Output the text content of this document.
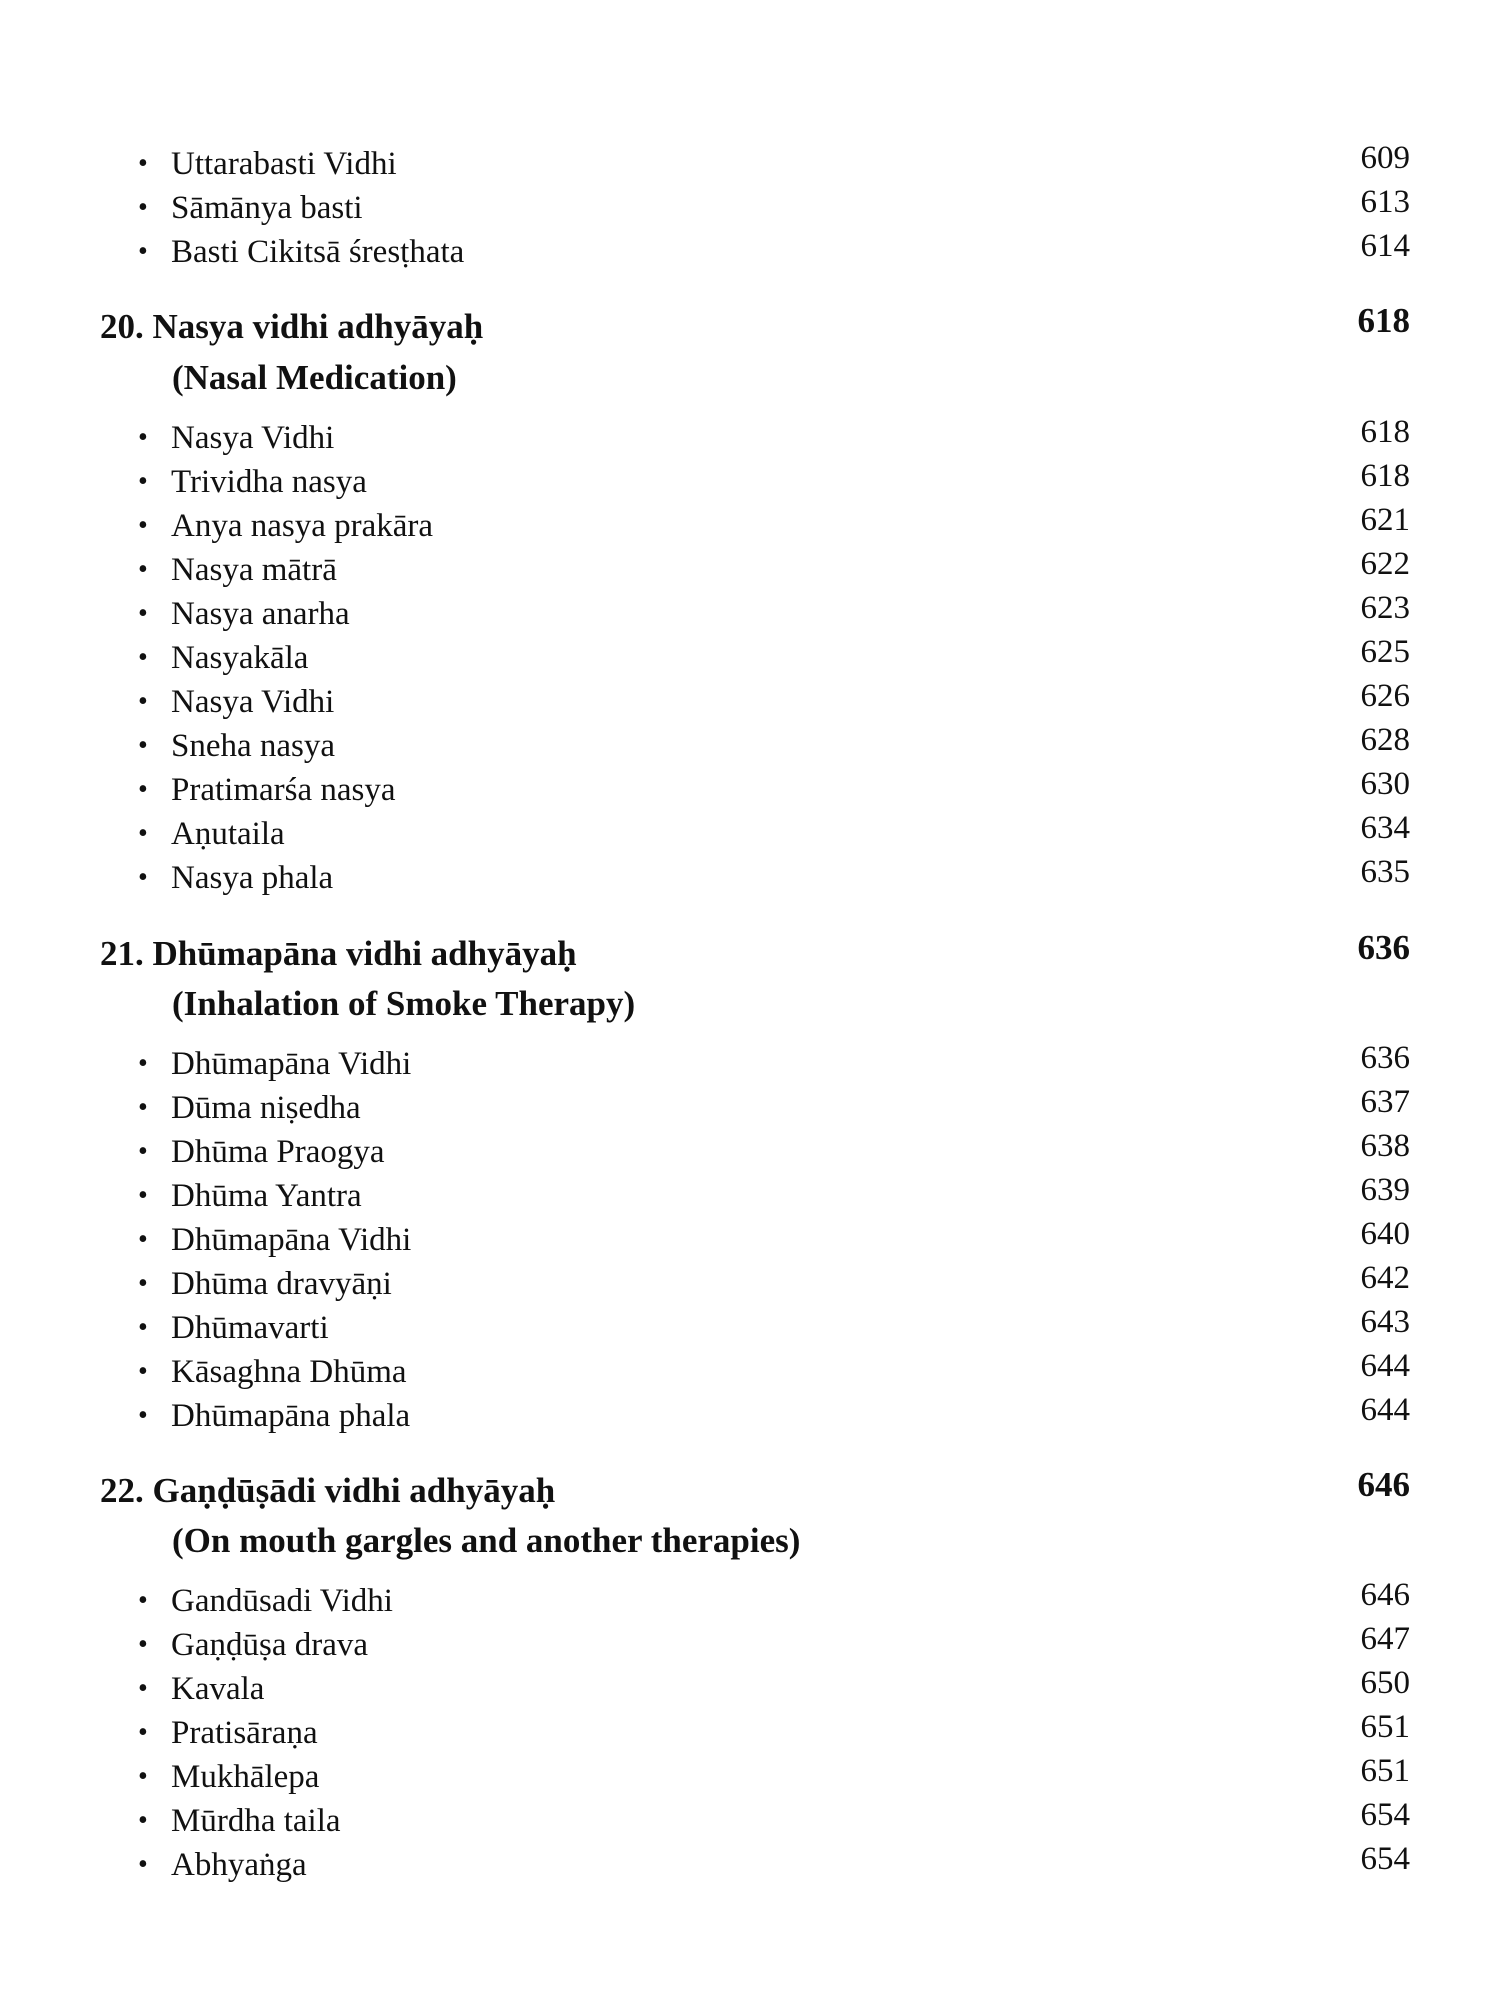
• Uttarabasti Vidhi	609
• Sāmānya basti	613
• Basti Cikitsā śresṭhata	614
20. Nasya vidhi adhyāyaḥ	618
(Nasal Medication)
• Nasya Vidhi	618
• Trividha nasya	618
• Anya nasya prakāra	621
• Nasya mātrā	622
• Nasya anarha	623
• Nasyakāla	625
• Nasya Vidhi	626
• Sneha nasya	628
• Pratimarśa nasya	630
• Aṇutaila	634
• Nasya phala	635
21. Dhūmapāna vidhi adhyāyaḥ	636
(Inhalation of Smoke Therapy)
• Dhūmapāna Vidhi	636
• Dūma niṣedha	637
• Dhūma Praogya	638
• Dhūma Yantra	639
• Dhūmapāna Vidhi	640
• Dhūma dravyāṇi	642
• Dhūmavarti	643
• Kāsaghna Dhūma	644
• Dhūmapāna phala	644
22. Gaṇḍūṣādi vidhi adhyāyaḥ	646
(On mouth gargles and another therapies)
• Gandūsadi Vidhi	646
• Gaṇḍūṣa drava	647
• Kavala	650
• Pratisāraṇa	651
• Mukhālepa	651
• Mūrdha taila	654
• Abhyaṅga	654
